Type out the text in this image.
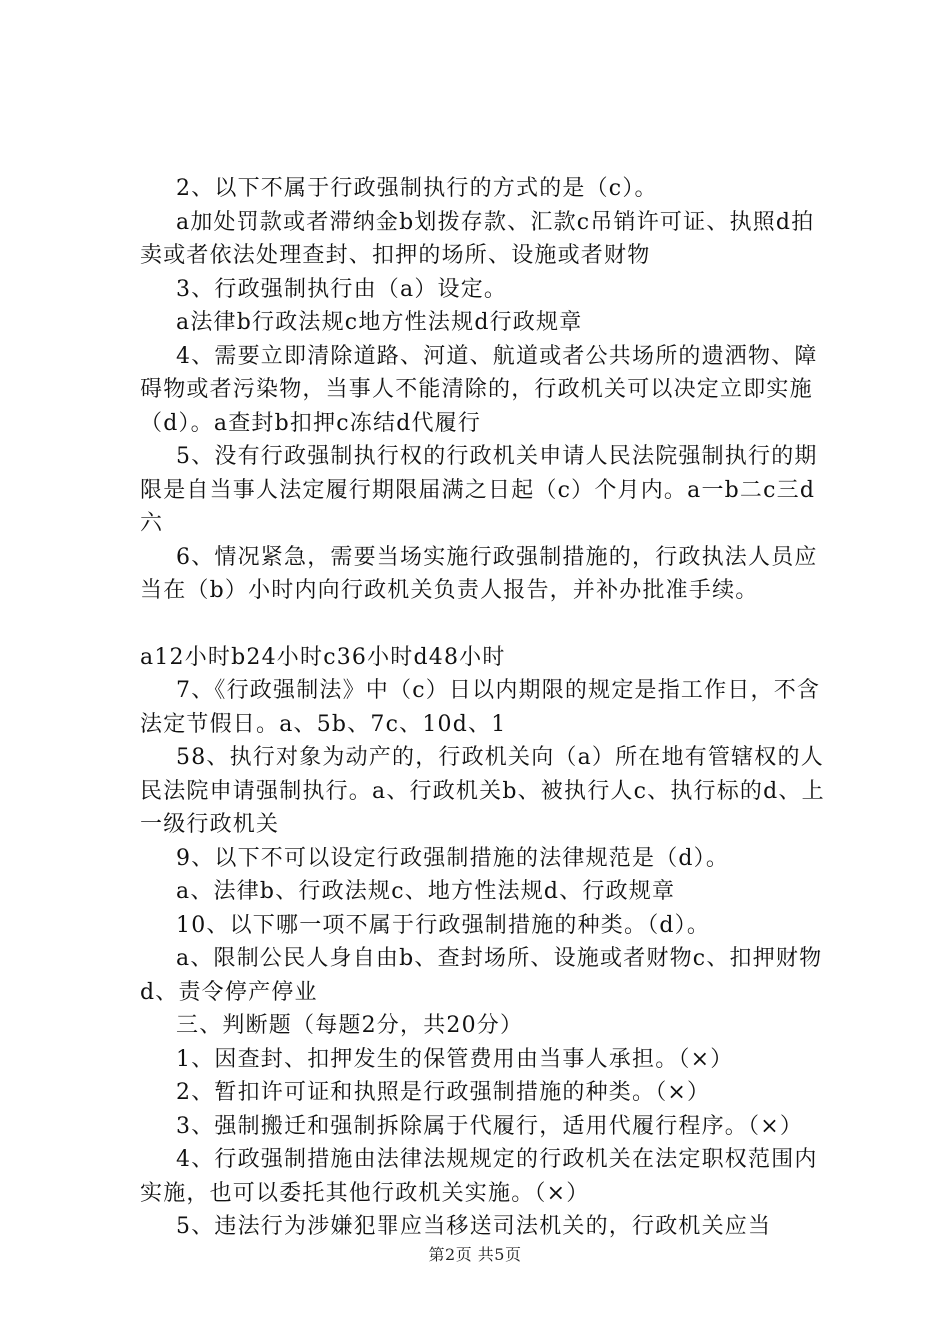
2、以下不属于行政强制执行的方式的是（c）。

a加处罚款或者滞纳金b划拨存款、汇款c吊销许可证、执照d拍卖或者依法处理查封、扣押的场所、设施或者财物

3、行政强制执行由（a）设定。

a法律b行政法规c地方性法规d行政规章

4、需要立即清除道路、河道、航道或者公共场所的遗洒物、障碍物或者污染物，当事人不能清除的，行政机关可以决定立即实施（d）。a查封b扣押c冻结d代履行

5、没有行政强制执行权的行政机关申请人民法院强制执行的期限是自当事人法定履行期限届满之日起（c）个月内。a一b二c三d六

6、情况紧急，需要当场实施行政强制措施的，行政执法人员应当在（b）小时内向行政机关负责人报告，并补办批准手续。

a12小时b24小时c36小时d48小时

7、《行政强制法》中（c）日以内期限的规定是指工作日，不含法定节假日。a、5b、7c、10d、1

58、执行对象为动产的，行政机关向（a）所在地有管辖权的人民法院申请强制执行。a、行政机关b、被执行人c、执行标的d、上一级行政机关

9、以下不可以设定行政强制措施的法律规范是（d）。

a、法律b、行政法规c、地方性法规d、行政规章

10、以下哪一项不属于行政强制措施的种类。（d）。

a、限制公民人身自由b、查封场所、设施或者财物c、扣押财物d、责令停产停业

三、判断题（每题2分，共20分）

1、因查封、扣押发生的保管费用由当事人承担。（×）

2、暂扣许可证和执照是行政强制措施的种类。（×）

3、强制搬迁和强制拆除属于代履行，适用代履行程序。（×）

4、行政强制措施由法律法规规定的行政机关在法定职权范围内实施，也可以委托其他行政机关实施。（×）

5、违法行为涉嫌犯罪应当移送司法机关的，行政机关应当

第2页 共5页
